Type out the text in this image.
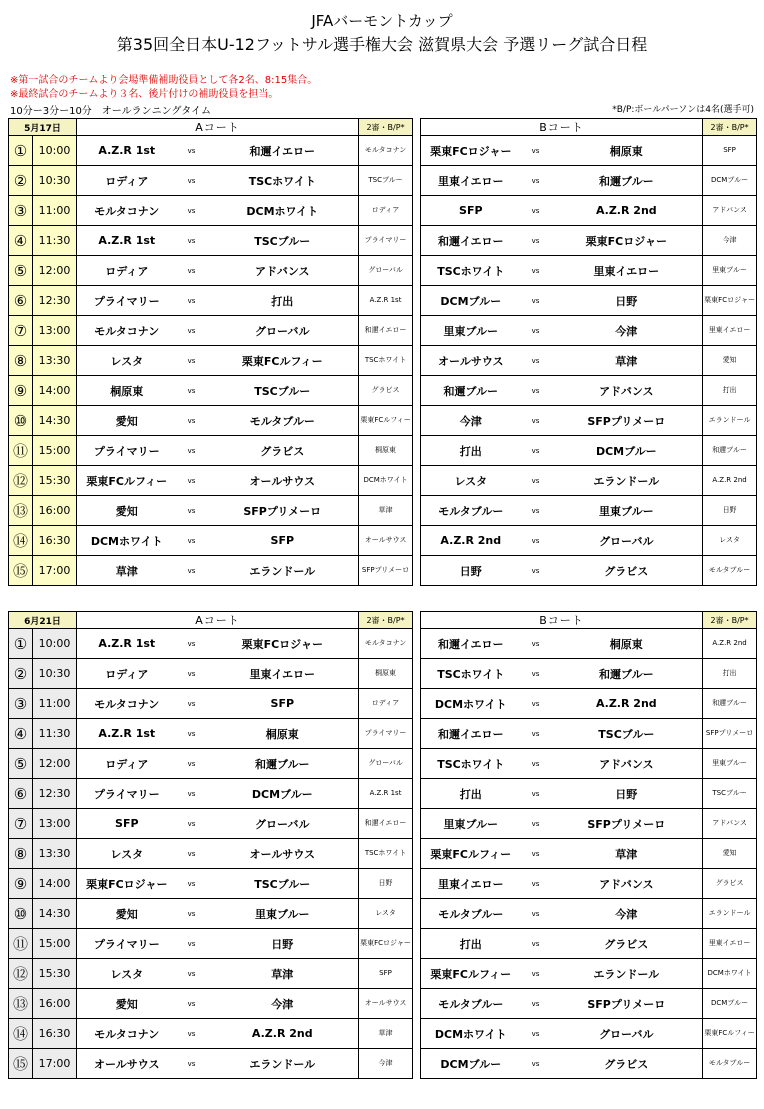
JFAバーモントカップ
第35回全日本U-12フットサル選手権大会 滋賀県大会 予選リーグ試合日程
※第一試合のチームより会場準備補助役員として各2名、8:15集合。
※最終試合のチームより３名、後片付けの補助役員を担当。
10分ー3分ー10分　オールランニングタイム	*B/P:ボールパーソンは4名(選手可)
5月17日		Aコート			2審・B/P*		Bコート			2審・B/P*
①	10:00	A.Z.R 1st	vs	和邇イエロー	モルタコナン		栗東FCロジャー	vs	桐原東	SFP
②	10:30	ロディア	vs	TSCホワイト	TSCブルー		里東イエロー	vs	和邇ブルー	DCMブルー
③	11:00	モルタコナン	vs	DCMホワイト	ロディア		SFP	vs	A.Z.R 2nd	アドバンス
④	11:30	A.Z.R 1st	vs	TSCブルー	プライマリー		和邇イエロー	vs	栗東FCロジャー	今津
⑤	12:00	ロディア	vs	アドバンス	グローバル		TSCホワイト	vs	里東イエロー	里東ブルー
⑥	12:30	プライマリー	vs	打出	A.Z.R 1st		DCMブルー	vs	日野	栗東FCロジャー
⑦	13:00	モルタコナン	vs	グローバル	和邇イエロー		里東ブルー	vs	今津	里東イエロー
⑧	13:30	レスタ	vs	栗東FCルフィー	TSCホワイト		オールサウス	vs	草津	愛知
⑨	14:00	桐原東	vs	TSCブルー	グラビス		和邇ブルー	vs	アドバンス	打出
⑩	14:30	愛知	vs	モルタブルー	栗東FCルフィー		今津	vs	SFPプリメーロ	エランドール
⑪	15:00	プライマリー	vs	グラビス	桐原東		打出	vs	DCMブルー	和邇ブルー
⑫	15:30	栗東FCルフィー	vs	オールサウス	DCMホワイト		レスタ	vs	エランドール	A.Z.R 2nd
⑬	16:00	愛知	vs	SFPプリメーロ	草津		モルタブルー	vs	里東ブルー	日野
⑭	16:30	DCMホワイト	vs	SFP	オールサウス		A.Z.R 2nd	vs	グローバル	レスタ
⑮	17:00	草津	vs	エランドール	SFPプリメーロ		日野	vs	グラビス	モルタブルー
6月21日		Aコート			2審・B/P*		Bコート			2審・B/P*
①	10:00	A.Z.R 1st	vs	栗東FCロジャー	モルタコナン		和邇イエロー	vs	桐原東	A.Z.R 2nd
②	10:30	ロディア	vs	里東イエロー	桐原東		TSCホワイト	vs	和邇ブルー	打出
③	11:00	モルタコナン	vs	SFP	ロディア		DCMホワイト	vs	A.Z.R 2nd	和邇ブルー
④	11:30	A.Z.R 1st	vs	桐原東	プライマリー		和邇イエロー	vs	TSCブルー	SFPプリメーロ
⑤	12:00	ロディア	vs	和邇ブルー	グローバル		TSCホワイト	vs	アドバンス	里東ブルー
⑥	12:30	プライマリー	vs	DCMブルー	A.Z.R 1st		打出	vs	日野	TSCブルー
⑦	13:00	SFP	vs	グローバル	和邇イエロー		里東ブルー	vs	SFPプリメーロ	アドバンス
⑧	13:30	レスタ	vs	オールサウス	TSCホワイト		栗東FCルフィー	vs	草津	愛知
⑨	14:00	栗東FCロジャー	vs	TSCブルー	日野		里東イエロー	vs	アドバンス	グラビス
⑩	14:30	愛知	vs	里東ブルー	レスタ		モルタブルー	vs	今津	エランドール
⑪	15:00	プライマリー	vs	日野	栗東FCロジャー		打出	vs	グラビス	里東イエロー
⑫	15:30	レスタ	vs	草津	SFP		栗東FCルフィー	vs	エランドール	DCMホワイト
⑬	16:00	愛知	vs	今津	オールサウス		モルタブルー	vs	SFPプリメーロ	DCMブルー
⑭	16:30	モルタコナン	vs	A.Z.R 2nd	草津		DCMホワイト	vs	グローバル	栗東FCルフィー
⑮	17:00	オールサウス	vs	エランドール	今津		DCMブルー	vs	グラビス	モルタブルー
